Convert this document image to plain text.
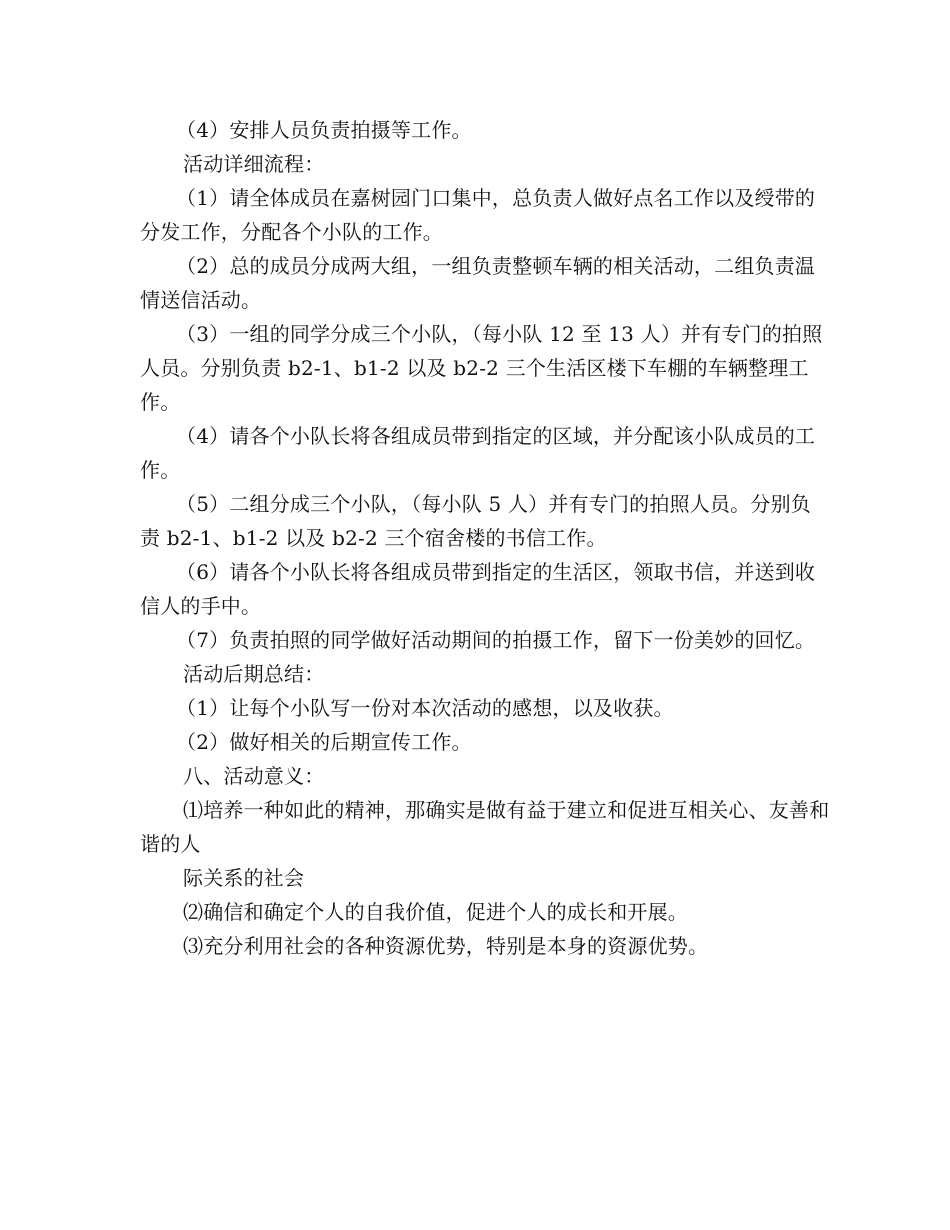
（4）安排人员负责拍摄等工作。

活动详细流程：

（1）请全体成员在嘉树园门口集中，总负责人做好点名工作以及绶带的分发工作，分配各个小队的工作。

（2）总的成员分成两大组，一组负责整顿车辆的相关活动，二组负责温情送信活动。

（3）一组的同学分成三个小队，（每小队 12 至 13 人）并有专门的拍照人员。分别负责 b2-1、b1-2 以及 b2-2 三个生活区楼下车棚的车辆整理工作。

（4）请各个小队长将各组成员带到指定的区域，并分配该小队成员的工作。

（5）二组分成三个小队，（每小队 5 人）并有专门的拍照人员。分别负责 b2-1、b1-2 以及 b2-2 三个宿舍楼的书信工作。

（6）请各个小队长将各组成员带到指定的生活区，领取书信，并送到收信人的手中。

（7）负责拍照的同学做好活动期间的拍摄工作，留下一份美妙的回忆。

活动后期总结：

（1）让每个小队写一份对本次活动的感想，以及收获。

（2）做好相关的后期宣传工作。

八、活动意义：

⑴培养一种如此的精神，那确实是做有益于建立和促进互相关心、友善和谐的人

际关系的社会

⑵确信和确定个人的自我价值，促进个人的成长和开展。

⑶充分利用社会的各种资源优势，特别是本身的资源优势。
